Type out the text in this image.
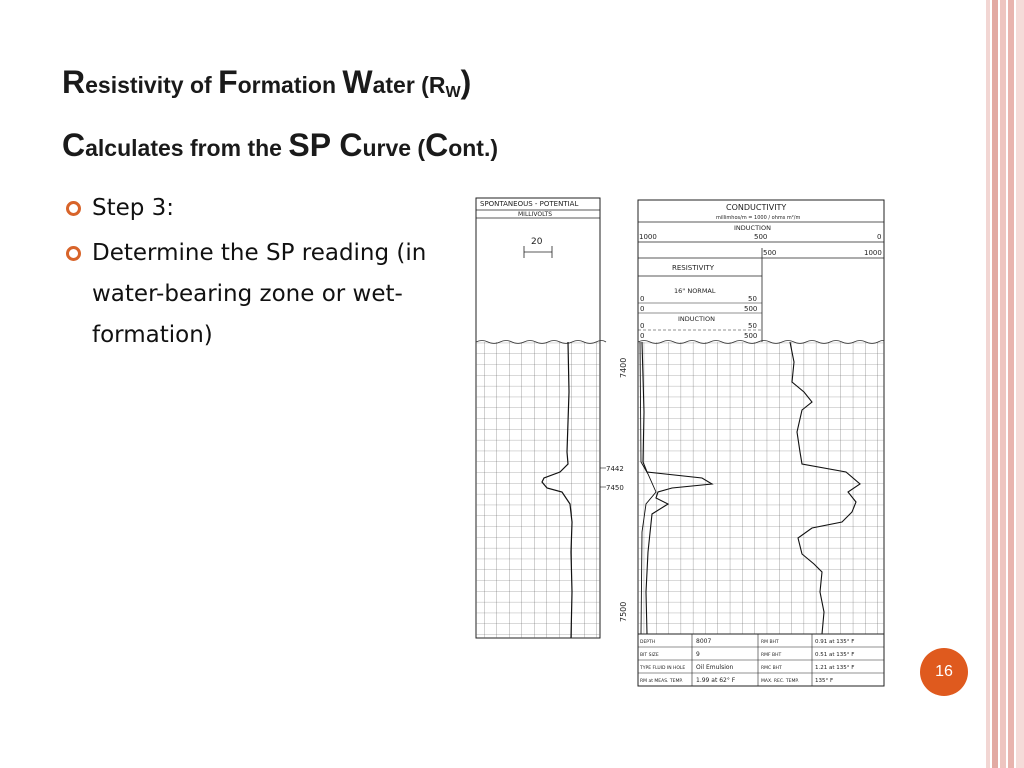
Resistivity of Formation Water $(R_W)$
Calculates from the SP Curve (Cont.)
Step 3:
Determine the SP reading (in water-bearing zone or wet-formation)
SPONTANEOUS - POTENTIAL
MILLIVOLTS
20
7400
7442
7450
7500
CONDUCTIVITY
millimhos/m = 1000 / ohms m²/m
INDUCTION
1000	500	0
500	1000
RESISTIVITY
16" NORMAL
0	50
0	500
INDUCTION
0	50
0	500
DEPTH	8007	RM BHT	0.91 at 135° F
BIT SIZE	9	RMF BHT	0.51 at 135° F
TYPE FLUID IN HOLE Oil Emulsion	RMC BHT	1.21 at 135° F
RM at MEAS. TEMP. 1.99 at 62° F	MAX. REC. TEMP.	135° F
16
